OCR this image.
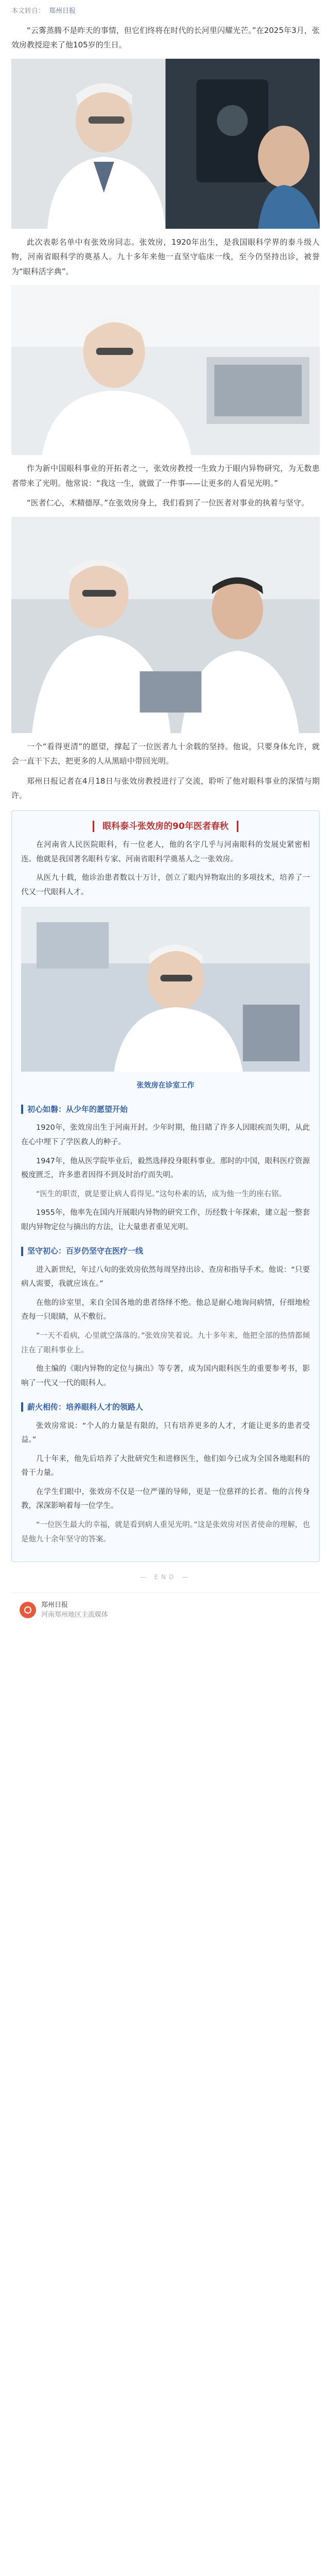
本文转自： 郑州日报

“云雾蒸腾不是昨天的事情，但它们终将在时代的长河里闪耀光芒。”在2025年3月，张效房教授迎来了他105岁的生日。

此次表彰名单中有张效房同志。张效房，1920年出生，是我国眼科学界的泰斗级人物，河南省眼科学的奠基人。九十多年来他一直坚守临床一线，至今仍坚持出诊，被誉为“眼科活字典”。

作为新中国眼科事业的开拓者之一，张效房教授一生致力于眼内异物研究，为无数患者带来了光明。他常说：“我这一生，就做了一件事——让更多的人看见光明。”

“医者仁心，术精德厚。”在张效房身上，我们看到了一位医者对事业的执着与坚守。

一个“看得更清”的愿望，撑起了一位医者九十余载的坚持。他说，只要身体允许，就会一直干下去，把更多的人从黑暗中带回光明。

郑州日报记者在4月18日与张效房教授进行了交流，聆听了他对眼科事业的深情与期许。

眼科泰斗张效房的90年医者春秋

在河南省人民医院眼科，有一位老人，他的名字几乎与河南眼科的发展史紧密相连。他就是我国著名眼科专家、河南省眼科学奠基人之一张效房。

从医九十载，他诊治患者数以十万计，创立了眼内异物取出的多项技术，培养了一代又一代眼科人才。

张效房在诊室工作
初心如磐：从少年的愿望开始

1920年，张效房出生于河南开封。少年时期，他目睹了许多人因眼疾而失明，从此在心中埋下了学医救人的种子。

1947年，他从医学院毕业后，毅然选择投身眼科事业。那时的中国，眼科医疗资源极度匮乏，许多患者因得不到及时治疗而失明。

“医生的职责，就是要让病人看得见。”这句朴素的话，成为他一生的座右铭。

1955年，他率先在国内开展眼内异物的研究工作，历经数十年探索，建立起一整套眼内异物定位与摘出的方法，让大量患者重见光明。

坚守初心：百岁仍坚守在医疗一线

进入新世纪，年过八旬的张效房依然每周坚持出诊、查房和指导手术。他说：“只要病人需要，我就应该在。”

在他的诊室里，来自全国各地的患者络绎不绝。他总是耐心地询问病情，仔细地检查每一只眼睛，从不敷衍。

“一天不看病，心里就空落落的。”张效房笑着说。九十多年来，他把全部的热情都倾注在了眼科事业上。

他主编的《眼内异物的定位与摘出》等专著，成为国内眼科医生的重要参考书，影响了一代又一代的眼科人。

薪火相传：培养眼科人才的领路人

张效房常说：“个人的力量是有限的，只有培养更多的人才，才能让更多的患者受益。”

几十年来，他先后培养了大批研究生和进修医生，他们如今已成为全国各地眼科的骨干力量。

在学生们眼中，张效房不仅是一位严谨的导师，更是一位慈祥的长者。他的言传身教，深深影响着每一位学生。

“一位医生最大的幸福，就是看到病人重见光明。”这是张效房对医者使命的理解，也是他九十余年坚守的答案。

— END —
郑州日报
河南郑州地区主流媒体
